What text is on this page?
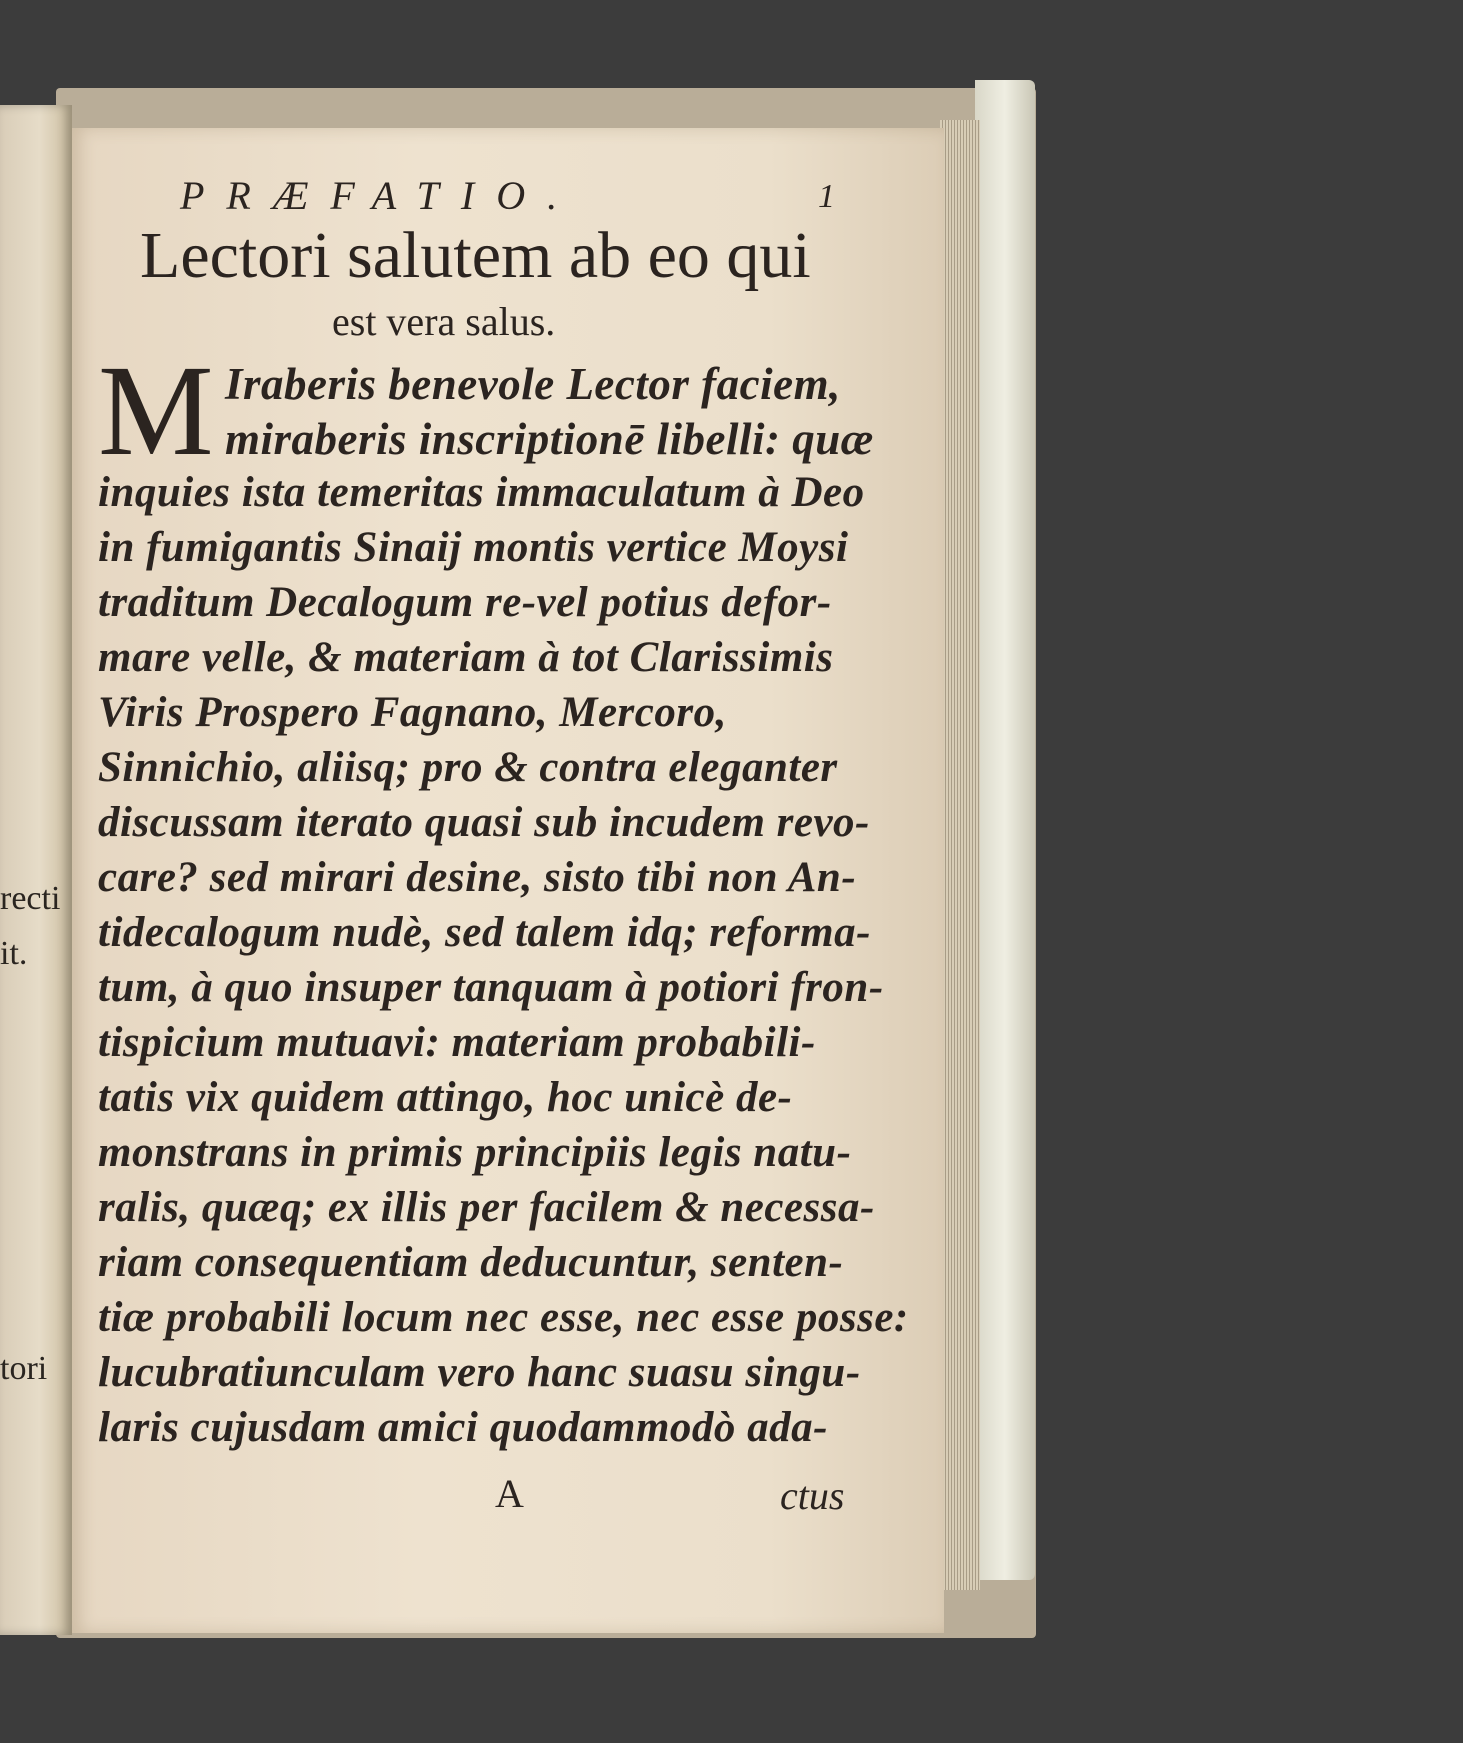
recti
it.
tori
PRÆFATIO.	1
Lectori salutem ab eo qui
est vera salus.
M Iraberis benevole Lector faciem,
miraberis inscriptionē libelli: quæ
inquies ista temeritas immaculatum à Deo
in fumigantis Sinaij montis vertice Moysi
traditum Decalogum re-vel potius defor-
mare velle, & materiam à tot Clarissimis
Viris Prospero Fagnano, Mercoro,
Sinnichio, aliisq; pro & contra eleganter
discussam iterato quasi sub incudem revo-
care? sed mirari desine, sisto tibi non An-
tidecalogum nudè, sed talem idq; reforma-
tum, à quo insuper tanquam à potiori fron-
tispicium mutuavi: materiam probabili-
tatis vix quidem attingo, hoc unicè de-
monstrans in primis principiis legis natu-
ralis, quæq; ex illis per facilem & necessa-
riam consequentiam deducuntur, senten-
tiæ probabili locum nec esse, nec esse posse:
lucubratiunculam vero hanc suasu singu-
laris cujusdam amici quodammodò ada-
A	ctus
